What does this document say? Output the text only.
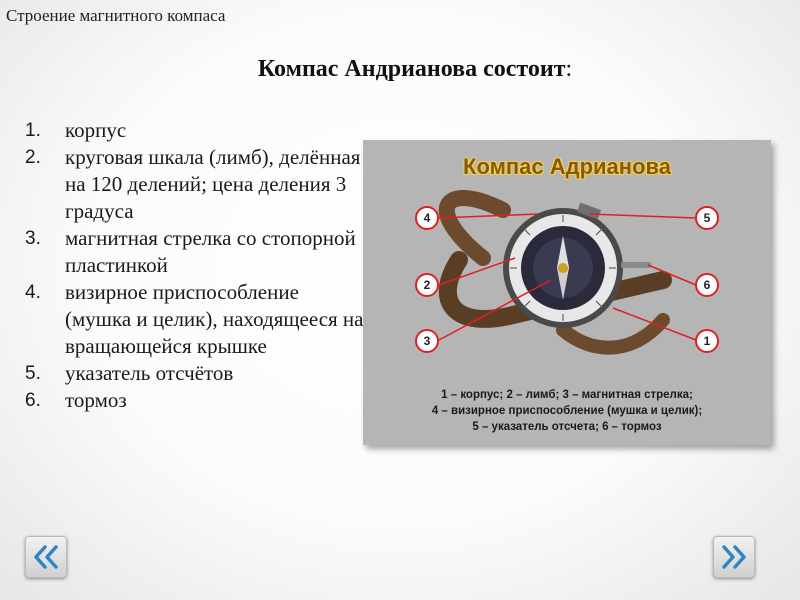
Строение магнитного компаса
Компас Андрианова состоит:
1.	корпус
2.	круговая шкала (лимб), делённая на 120 делений; цена деления 3 градуса
3.	магнитная стрелка со стопорной пластинкой
4.	визирное приспособление (мушка и целик), находящееся на вращающейся крышке
5.	указатель отсчётов
6.	тормоз
Компас Адрианова
4	5
2	6
3	1
1 – корпус; 2 – лимб; 3 – магнитная стрелка;
4 – визирное приспособление (мушка и целик);
5 – указатель отсчета; 6 – тормоз
